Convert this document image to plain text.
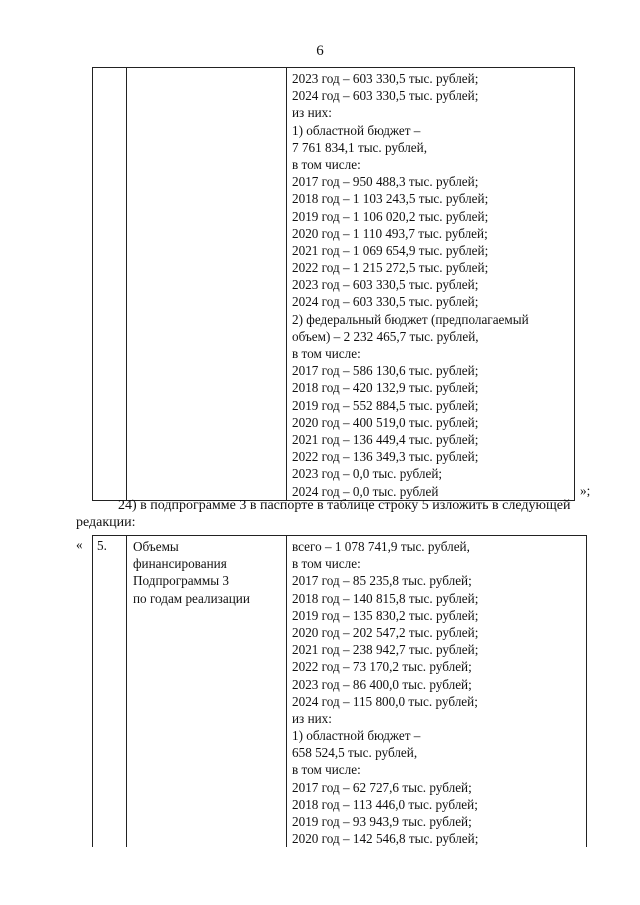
6

2023 год – 603 330,5 тыс. рублей;
2024 год – 603 330,5 тыс. рублей;
из них:
1) областной бюджет –
7 761 834,1 тыс. рублей,
в том числе:
2017 год – 950 488,3 тыс. рублей;
2018 год – 1 103 243,5 тыс. рублей;
2019 год – 1 106 020,2 тыс. рублей;
2020 год – 1 110 493,7 тыс. рублей;
2021 год – 1 069 654,9 тыс. рублей;
2022 год – 1 215 272,5 тыс. рублей;
2023 год – 603 330,5 тыс. рублей;
2024 год – 603 330,5 тыс. рублей;
2) федеральный бюджет (предполагаемый
объем) – 2 232 465,7 тыс. рублей,
в том числе:
2017 год – 586 130,6 тыс. рублей;
2018 год – 420 132,9 тыс. рублей;
2019 год – 552 884,5 тыс. рублей;
2020 год – 400 519,0 тыс. рублей;
2021 год – 136 449,4 тыс. рублей;
2022 год – 136 349,3 тыс. рублей;
2023 год – 0,0 тыс. рублей;
2024 год – 0,0 тыс. рублей	»;
24) в подпрограмме 3 в паспорте в таблице строку 5 изложить в следующей
редакции:
«	5.	Объемы
финансирования
Подпрограммы 3
по годам реализации

всего – 1 078 741,9 тыс. рублей,
в том числе:
2017 год – 85 235,8 тыс. рублей;
2018 год – 140 815,8 тыс. рублей;
2019 год – 135 830,2 тыс. рублей;
2020 год – 202 547,2 тыс. рублей;
2021 год – 238 942,7 тыс. рублей;
2022 год – 73 170,2 тыс. рублей;
2023 год – 86 400,0 тыс. рублей;
2024 год – 115 800,0 тыс. рублей;
из них:
1) областной бюджет –
658 524,5 тыс. рублей,
в том числе:
2017 год – 62 727,6 тыс. рублей;
2018 год – 113 446,0 тыс. рублей;
2019 год – 93 943,9 тыс. рублей;
2020 год – 142 546,8 тыс. рублей;
